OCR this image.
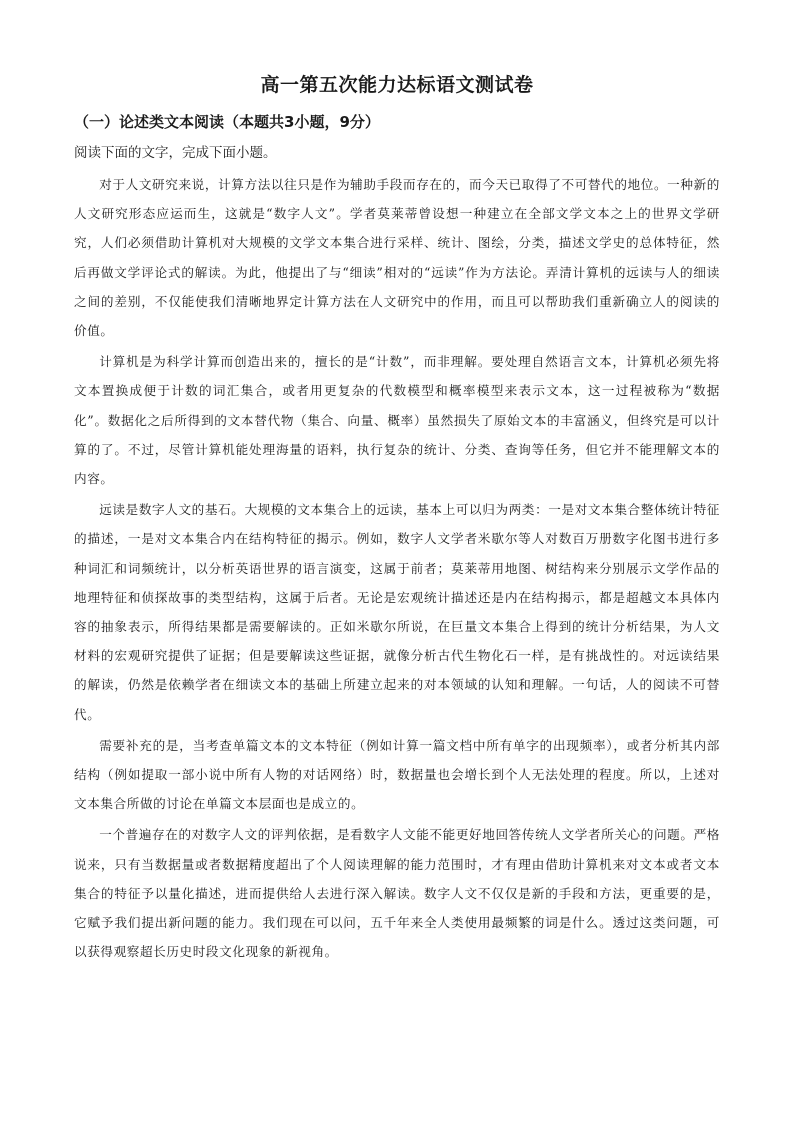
高一第五次能力达标语文测试卷
（一）论述类文本阅读（本题共3小题，9分）
阅读下面的文字，完成下面小题。

对于人文研究来说，计算方法以往只是作为辅助手段而存在的，而今天已取得了不可替代的地位。一种新的人文研究形态应运而生，这就是“数字人文”。学者莫莱蒂曾设想一种建立在全部文学文本之上的世界文学研究，人们必须借助计算机对大规模的文学文本集合进行采样、统计、图绘，分类，描述文学史的总体特征，然后再做文学评论式的解读。为此，他提出了与“细读”相对的“远读”作为方法论。弄清计算机的远读与人的细读之间的差别，不仅能使我们清晰地界定计算方法在人文研究中的作用，而且可以帮助我们重新确立人的阅读的价值。

计算机是为科学计算而创造出来的，擅长的是“计数”，而非理解。要处理自然语言文本，计算机必须先将文本置换成便于计数的词汇集合，或者用更复杂的代数模型和概率模型来表示文本，这一过程被称为“数据化”。数据化之后所得到的文本替代物（集合、向量、概率）虽然损失了原始文本的丰富涵义，但终究是可以计算的了。不过，尽管计算机能处理海量的语料，执行复杂的统计、分类、查询等任务，但它并不能理解文本的内容。

远读是数字人文的基石。大规模的文本集合上的远读，基本上可以归为两类：一是对文本集合整体统计特征的描述，一是对文本集合内在结构特征的揭示。例如，数字人文学者米歇尔等人对数百万册数字化图书进行多种词汇和词频统计，以分析英语世界的语言演变，这属于前者；莫莱蒂用地图、树结构来分别展示文学作品的地理特征和侦探故事的类型结构，这属于后者。无论是宏观统计描述还是内在结构揭示，都是超越文本具体内容的抽象表示，所得结果都是需要解读的。正如米歇尔所说，在巨量文本集合上得到的统计分析结果，为人文材料的宏观研究提供了证据；但是要解读这些证据，就像分析古代生物化石一样，是有挑战性的。对远读结果的解读，仍然是依赖学者在细读文本的基础上所建立起来的对本领域的认知和理解。一句话，人的阅读不可替代。

需要补充的是，当考查单篇文本的文本特征（例如计算一篇文档中所有单字的出现频率），或者分析其内部结构（例如提取一部小说中所有人物的对话网络）时，数据量也会增长到个人无法处理的程度。所以，上述对文本集合所做的讨论在单篇文本层面也是成立的。

一个普遍存在的对数字人文的评判依据，是看数字人文能不能更好地回答传统人文学者所关心的问题。严格说来，只有当数据量或者数据精度超出了个人阅读理解的能力范围时，才有理由借助计算机来对文本或者文本集合的特征予以量化描述，进而提供给人去进行深入解读。数字人文不仅仅是新的手段和方法，更重要的是，它赋予我们提出新问题的能力。我们现在可以问，五千年来全人类使用最频繁的词是什么。透过这类问题，可以获得观察超长历史时段文化现象的新视角。
